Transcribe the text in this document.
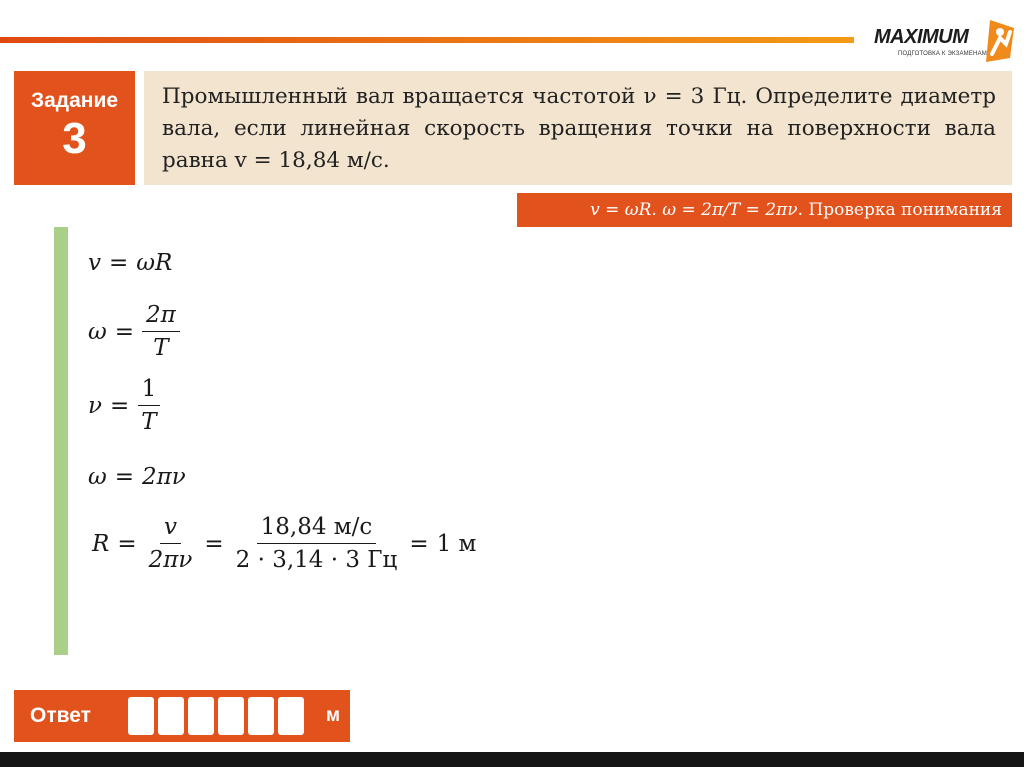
MAXIMUM
ПОДГОТОВКА К ЭКЗАМЕНАМ
Задание
3
Промышленный вал вращается частотой ν = 3 Гц. Определите диаметр вала, если линейная скорость вращения точки на поверхности вала равна v = 18,84 м/с.
v = ωR. ω = 2π/T = 2πν. Проверка понимания
v = ωR
$\omega = \frac{2\pi}{T}$
$\nu = \frac{1}{T}$
ω = 2πν
$R = \frac{v}{2\pi\nu} = \frac{18,84 м/с}{2 \cdot 3,14 \cdot 3 Гц} = 1$ м
Ответ	м
